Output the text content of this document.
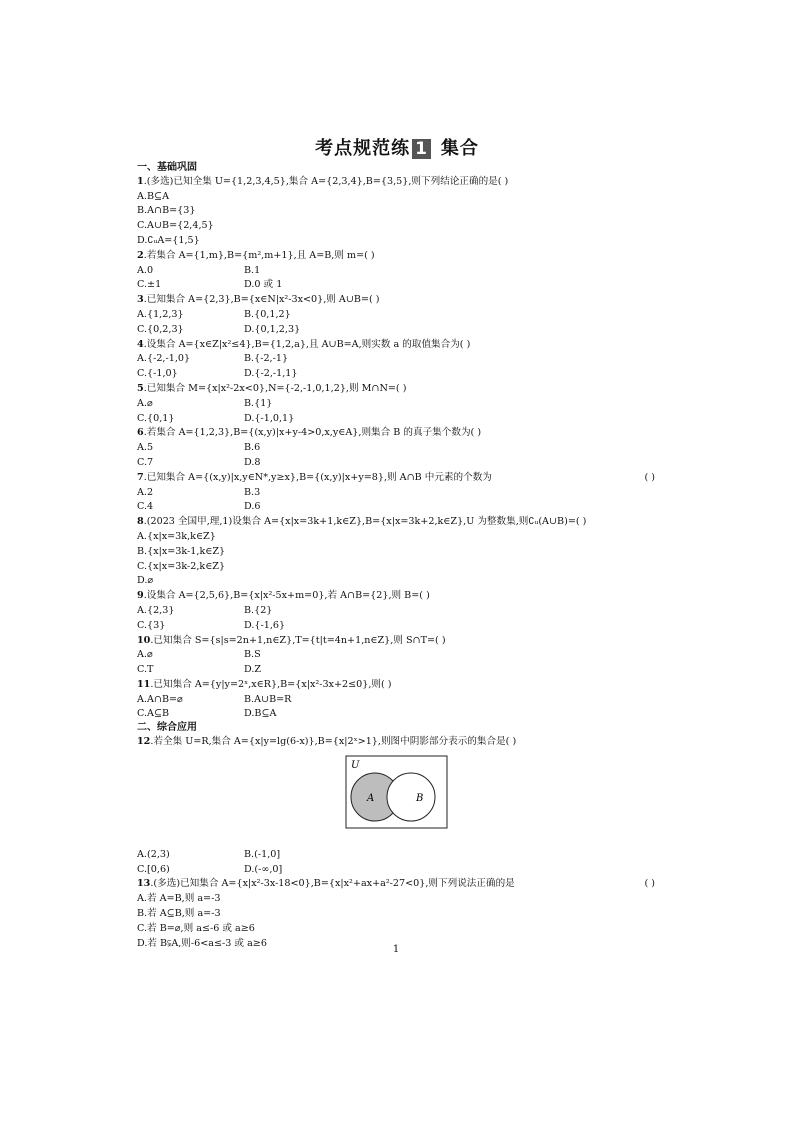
考点规范练 1 集合
一、基础巩固
1.(多选)已知全集 U={1,2,3,4,5},集合 A={2,3,4},B={3,5},则下列结论正确的是( )
A.B⊆A
B.A∩B={3}
C.A∪B={2,4,5}
D.∁ᵤA={1,5}
2.若集合 A={1,m},B={m²,m+1},且 A=B,则 m=( )
A.0	B.1
C.±1	D.0 或 1
3.已知集合 A={2,3},B={x∈N|x²-3x<0},则 A∪B=( )
A.{1,2,3}	B.{0,1,2}
C.{0,2,3}	D.{0,1,2,3}
4.设集合 A={x∈Z|x²≤4},B={1,2,a},且 A∪B=A,则实数 a 的取值集合为( )
A.{-2,-1,0}	B.{-2,-1}
C.{-1,0}	D.{-2,-1,1}
5.已知集合 M={x|x²-2x<0},N={-2,-1,0,1,2},则 M∩N=( )
A.⌀	B.{1}
C.{0,1}	D.{-1,0,1}
6.若集合 A={1,2,3},B={(x,y)|x+y-4>0,x,y∈A},则集合 B 的真子集个数为( )
A.5	B.6
C.7	D.8
7.已知集合 A={(x,y)|x,y∈N*,y≥x},B={(x,y)|x+y=8},则 A∩B 中元素的个数为	( )
A.2	B.3
C.4	D.6
8.(2023 全国甲,理,1)设集合 A={x|x=3k+1,k∈Z},B={x|x=3k+2,k∈Z},U 为整数集,则∁ᵤ(A∪B)=( )
A.{x|x=3k,k∈Z}
B.{x|x=3k-1,k∈Z}
C.{x|x=3k-2,k∈Z}
D.⌀
9.设集合 A={2,5,6},B={x|x²-5x+m=0},若 A∩B={2},则 B=( )
A.{2,3}	B.{2}
C.{3}	D.{-1,6}
10.已知集合 S={s|s=2n+1,n∈Z},T={t|t=4n+1,n∈Z},则 S∩T=( )
A.⌀	B.S
C.T	D.Z
11.已知集合 A={y|y=2ˣ,x∈R},B={x|x²-3x+2≤0},则( )
A.A∩B=⌀	B.A∪B=R
C.A⊆B	D.B⊆A
二、综合应用
12.若全集 U=R,集合 A={x|y=lg(6-x)},B={x|2ˣ>1},则图中阴影部分表示的集合是( )
U
A	B
A.(2,3)	B.(-1,0]
C.[0,6)	D.(-∞,0]
13.(多选)已知集合 A={x|x²-3x-18<0},B={x|x²+ax+a²-27<0},则下列说法正确的是	( )
A.若 A=B,则 a=-3
B.若 A⊆B,则 a=-3
C.若 B=⌀,则 a≤-6 或 a≥6
D.若 B⫋A,则-6<a≤-3 或 a≥6
1
